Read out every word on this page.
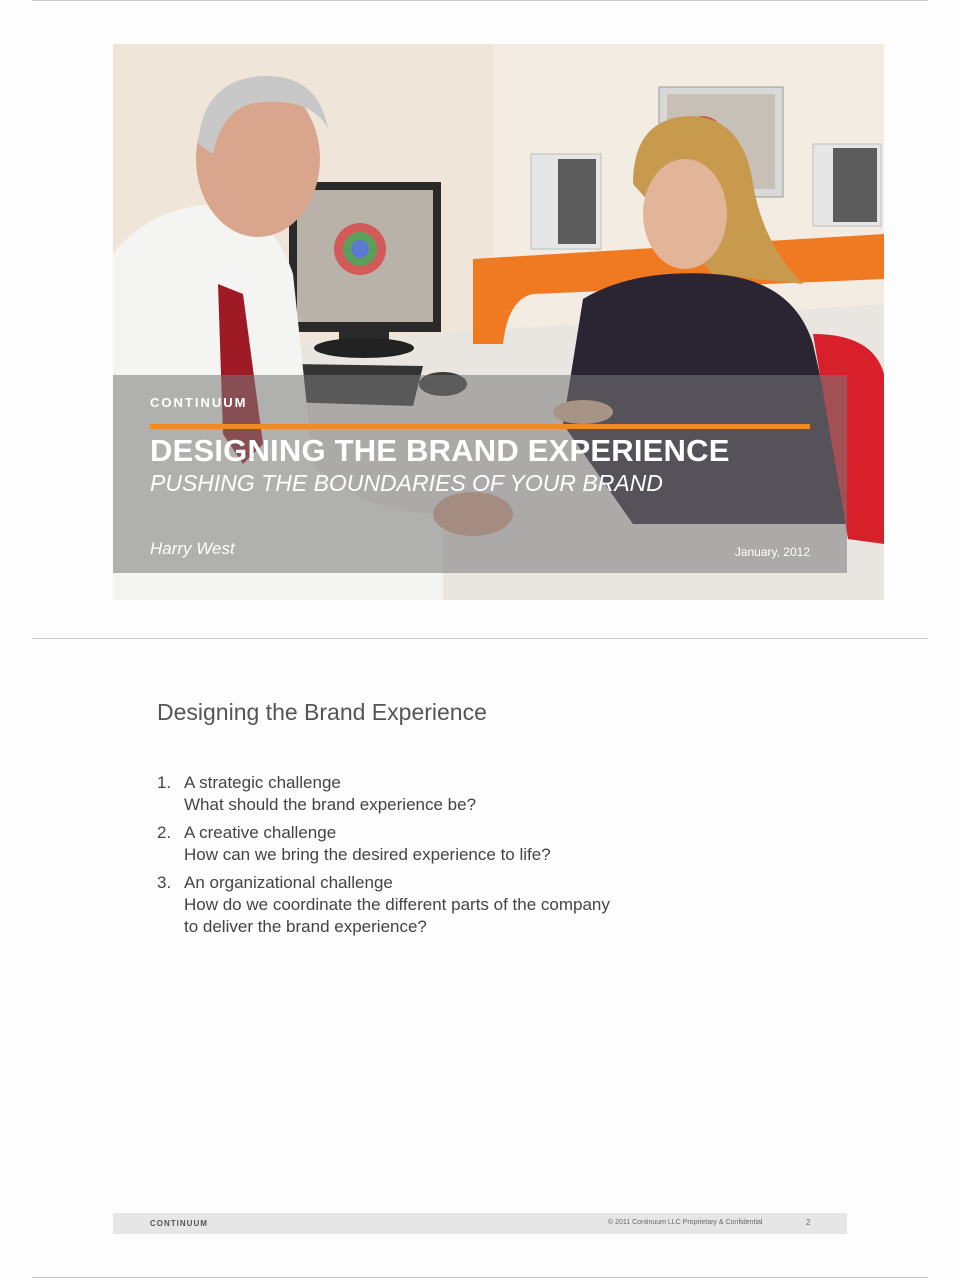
CONTINUUM
DESIGNING THE BRAND EXPERIENCE
PUSHING THE BOUNDARIES OF YOUR BRAND
Harry West	January, 2012
Designing the Brand Experience
1. A strategic challenge
What should the brand experience be?
2. A creative challenge
How can we bring the desired experience to life?
3. An organizational challenge
How do we coordinate the different parts of the company
to deliver the brand experience?
CONTINUUM	© 2011 Continuum LLC Proprietary & Confidential	2
